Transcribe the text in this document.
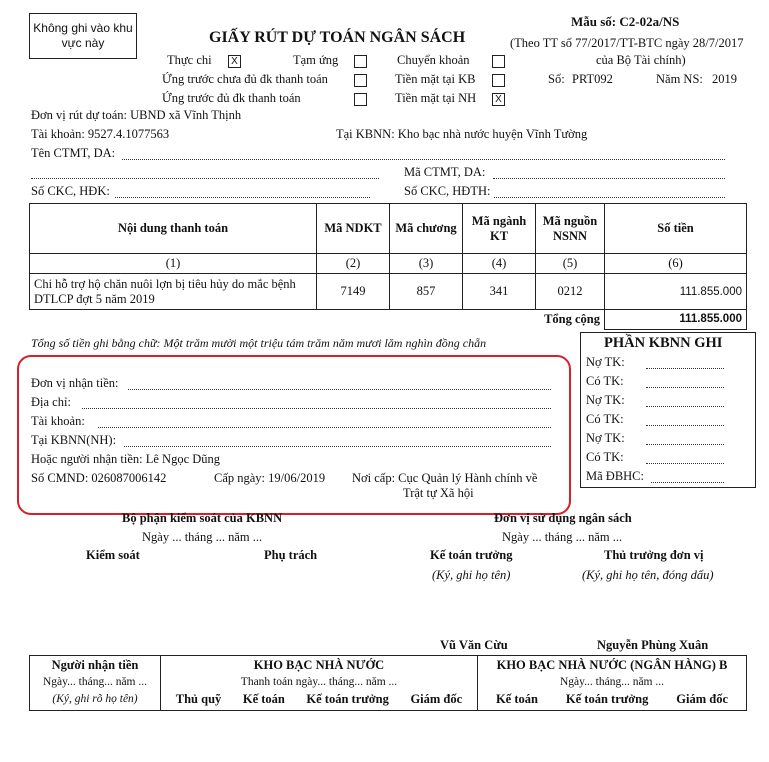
Không ghi vào khu vực này	GIẤY RÚT DỰ TOÁN NGÂN SÁCH
Mẫu số: C2-02a/NS
(Theo TT số 77/2017/TT-BTC ngày 28/7/2017
của Bộ Tài chính)
Thực chi	X	Tạm ứng	Chuyển khoản
Ứng trước chưa đủ đk thanh toán	Tiền mặt tại KB	Số: PRT092	Năm NS: 2019
Ứng trước đủ đk thanh toán	Tiền mặt tại NH	X
Đơn vị rút dự toán: UBND xã Vĩnh Thịnh
Tài khoản: 9527.4.1077563	Tại KBNN: Kho bạc nhà nước huyện Vĩnh Tường
Tên CTMT, DA:
Mã CTMT, DA:
Số CKC, HĐK:	Số CKC, HĐTH:
Nội dung thanh toán	Mã NDKT	Mã chương	Mã ngành KT	Mã nguồn NSNN	Số tiền
(1)	(2)	(3)	(4)	(5)	(6)
Chi hỗ trợ hộ chăn nuôi lợn bị tiêu hủy do mắc bệnh DTLCP đợt 5 năm 2019	7149	857	341	0212	111.855.000
Tổng cộng					111.855.000
Tổng số tiền ghi bằng chữ: Một trăm mười một triệu tám trăm năm mươi lăm nghìn đồng chẵn	PHẦN KBNN GHI
Nợ TK:
Có TK:
Nợ TK:
Có TK:
Nợ TK:
Có TK:
Mã ĐBHC:
Đơn vị nhận tiền:
Địa chỉ:
Tài khoản:
Tại KBNN(NH):
Hoặc người nhận tiền: Lê Ngọc Dũng
Số CMND: 026087006142	Cấp ngày: 19/06/2019 Nơi cấp: Cục Quản lý Hành chính về
Trật tự Xã hội
Bộ phận kiểm soát của KBNN	Đơn vị sử dụng ngân sách
Ngày ... tháng ... năm ...	Ngày ... tháng ... năm ...
Kiểm soát	Phụ trách	Kế toán trưởng	Thủ trưởng đơn vị
(Ký, ghi họ tên)	(Ký, ghi họ tên, đóng dấu)
Vũ Văn Cừu	Nguyễn Phùng Xuân
Người nhận tiền
Ngày... tháng... năm ...
(Ký, ghi rõ họ tên)

KHO BẠC NHÀ NƯỚC
Thanh toán ngày... tháng... năm ...
Thủ quỹ Kế toán Kế toán trưởng Giám đốc

KHO BẠC NHÀ NƯỚC (NGÂN HÀNG) B
Ngày... tháng... năm ...
Kế toán Kế toán trưởng Giám đốc
